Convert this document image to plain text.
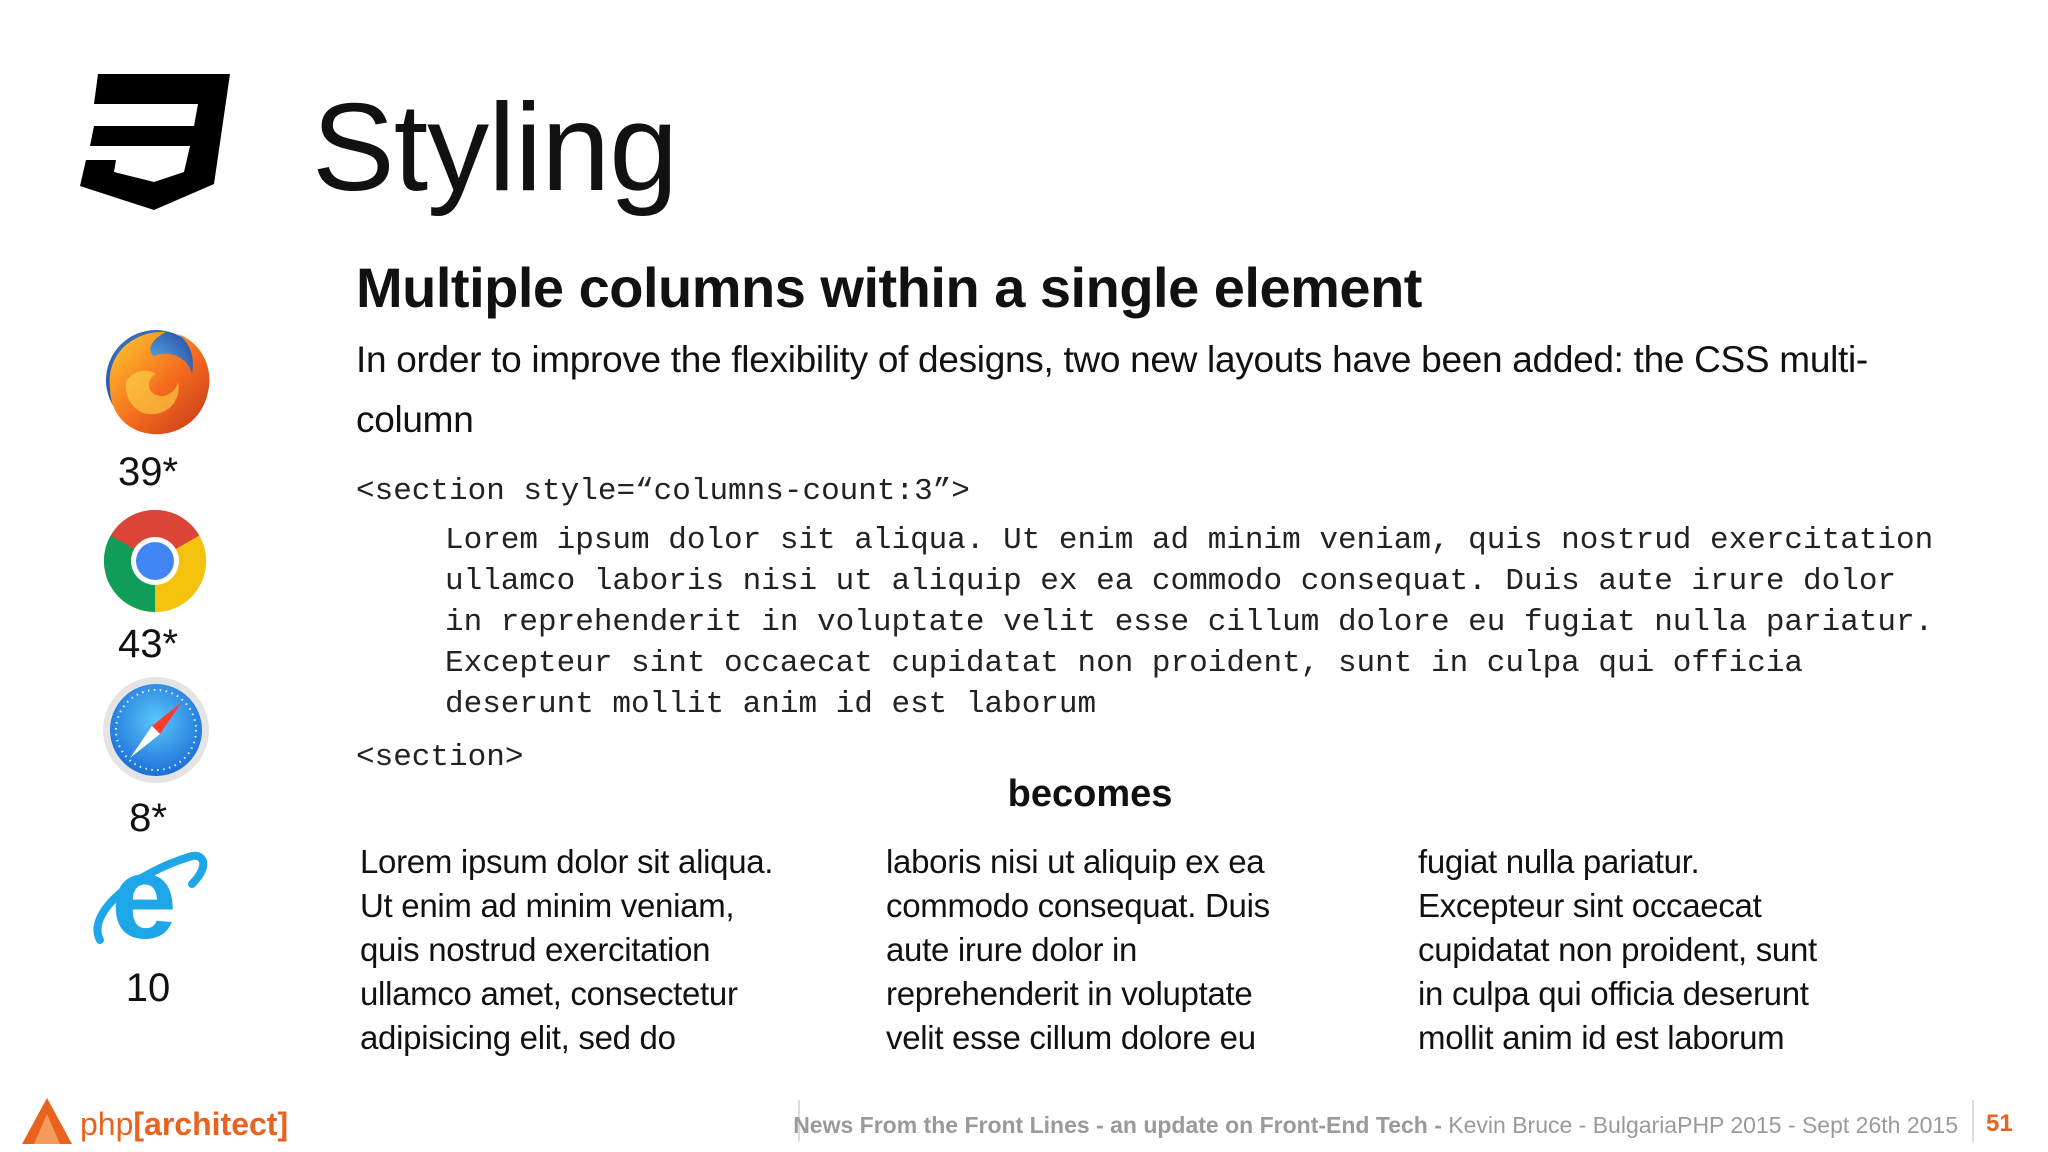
Styling
39*
43*
8*
e
10
Multiple columns within a single element
In order to improve the flexibility of designs, two new layouts have been added: the CSS multi-column
<section style=“columns-count:3”>
Lorem ipsum dolor sit aliqua. Ut enim ad minim veniam, quis nostrud exercitation
ullamco laboris nisi ut aliquip ex ea commodo consequat. Duis aute irure dolor
in reprehenderit in voluptate velit esse cillum dolore eu fugiat nulla pariatur.
Excepteur sint occaecat cupidatat non proident, sunt in culpa qui officia
deserunt mollit anim id est laborum
<section>
becomes
Lorem ipsum dolor sit aliqua.
Ut enim ad minim veniam,
quis nostrud exercitation
ullamco amet, consectetur
adipisicing elit, sed do
laboris nisi ut aliquip ex ea
commodo consequat. Duis
aute irure dolor in
reprehenderit in voluptate
velit esse cillum dolore eu
fugiat nulla pariatur.
Excepteur sint occaecat
cupidatat non proident, sunt
in culpa qui officia deserunt
mollit anim id est laborum
php[architect]	News From the Front Lines - an update on Front-End Tech - Kevin Bruce - BulgariaPHP 2015 - Sept 26th 2015 51
